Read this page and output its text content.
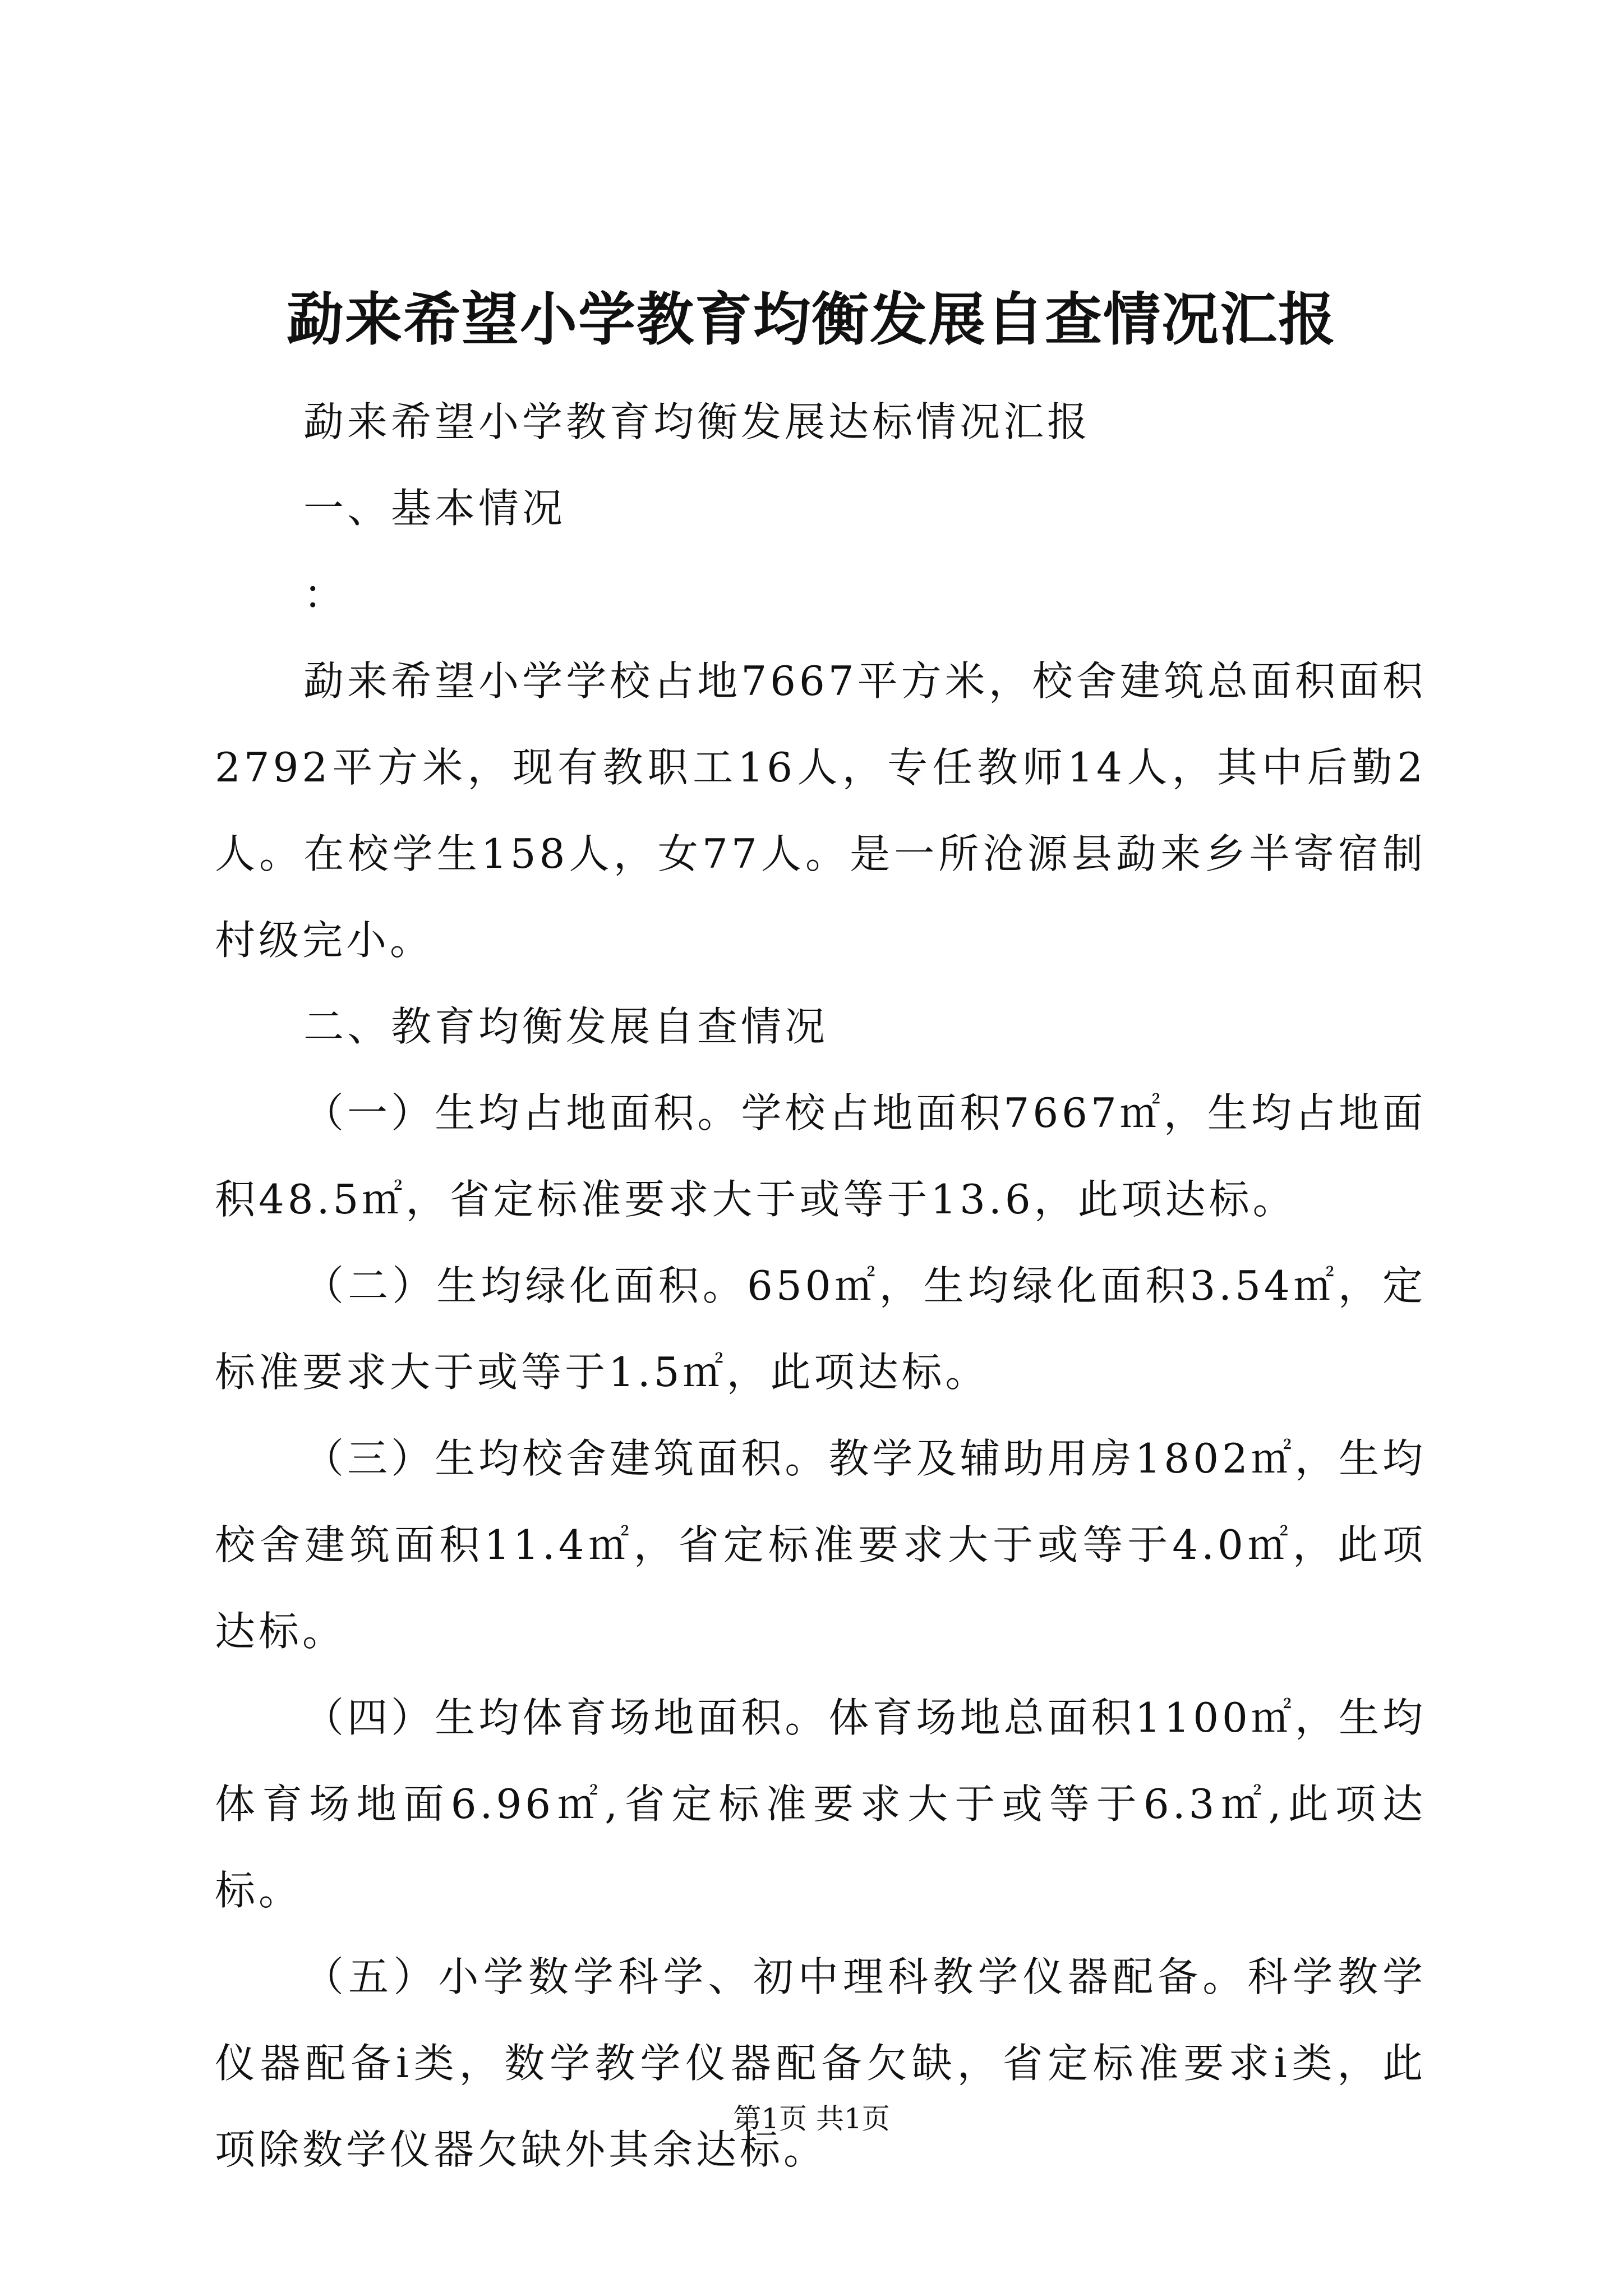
勐来希望小学教育均衡发展自查情况汇报

勐来希望小学教育均衡发展达标情况汇报

一、基本情况

：

勐来希望小学学校占地7667平方米，校舍建筑总面积面积2792平方米，现有教职工16人，专任教师14人，其中后勤2人。在校学生158人，女77人。是一所沧源县勐来乡半寄宿制村级完小。

二、教育均衡发展自查情况

（一）生均占地面积。学校占地面积7667㎡，生均占地面积48.5㎡，省定标准要求大于或等于13.6，此项达标。

（二）生均绿化面积。650㎡，生均绿化面积3.54㎡，定标准要求大于或等于1.5㎡，此项达标。

（三）生均校舍建筑面积。教学及辅助用房1802㎡，生均校舍建筑面积11.4㎡，省定标准要求大于或等于4.0㎡，此项达标。

（四）生均体育场地面积。体育场地总面积1100㎡，生均体育场地面6.96㎡,省定标准要求大于或等于6.3㎡,此项达标。

（五）小学数学科学、初中理科教学仪器配备。科学教学仪器配备ⅰ类，数学教学仪器配备欠缺，省定标准要求ⅰ类，此项除数学仪器欠缺外其余达标。

第1页 共1页
